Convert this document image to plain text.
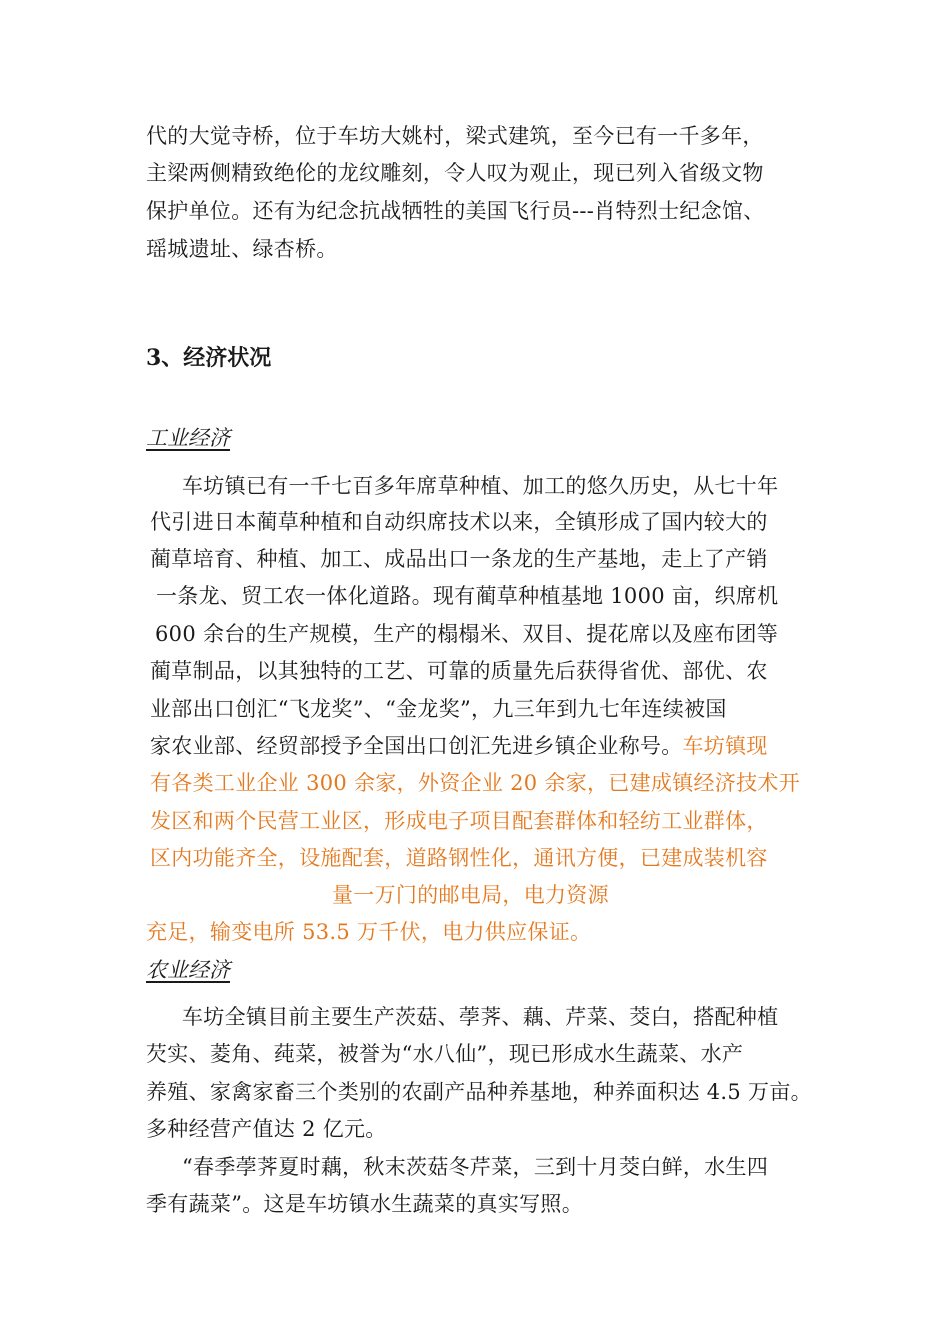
代的大觉寺桥，位于车坊大姚村，梁式建筑，至今已有一千多年，
主梁两侧精致绝伦的龙纹雕刻，令人叹为观止，现已列入省级文物
保护单位。还有为纪念抗战牺牲的美国飞行员---肖特烈士纪念馆、
瑶城遗址、绿杏桥。
3、经济状况
工业经济
车坊镇已有一千七百多年席草种植、加工的悠久历史，从七十年
代引进日本蔺草种植和自动织席技术以来，全镇形成了国内较大的
蔺草培育、种植、加工、成品出口一条龙的生产基地，走上了产销
一条龙、贸工农一体化道路。现有蔺草种植基地 1000 亩，织席机
600 余台的生产规模，生产的榻榻米、双目、提花席以及座布团等
蔺草制品，以其独特的工艺、可靠的质量先后获得省优、部优、农
业部出口创汇“飞龙奖”、“金龙奖”，九三年到九七年连续被国
家农业部、经贸部授予全国出口创汇先进乡镇企业称号。车坊镇现
有各类工业企业 300 余家，外资企业 20 余家，已建成镇经济技术开
发区和两个民营工业区，形成电子项目配套群体和轻纺工业群体，
区内功能齐全，设施配套，道路钢性化，通讯方便，已建成装机容
量一万门的邮电局，电力资源
充足，输变电所 53.5 万千伏，电力供应保证。
农业经济
车坊全镇目前主要生产茨菇、荸荠、藕、芹菜、茭白，搭配种植
芡实、菱角、莼菜，被誉为“水八仙”，现已形成水生蔬菜、水产
养殖、家禽家畜三个类别的农副产品种养基地，种养面积达 4.5 万亩。
多种经营产值达 2 亿元。
“春季荸荠夏时藕，秋末茨菇冬芹菜，三到十月茭白鲜，水生四
季有蔬菜”。这是车坊镇水生蔬菜的真实写照。
